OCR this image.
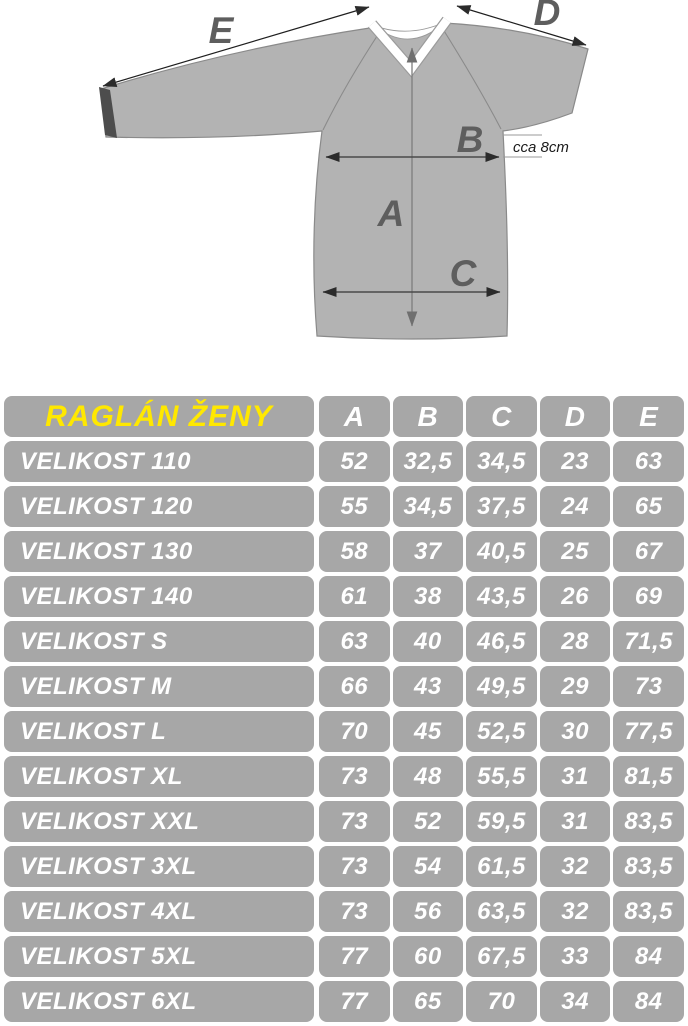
E	D
B
A
C
cca 8cm
RAGLÁN ŽENY	A	B	C	D	E
VELIKOST 110	52	32,5	34,5	23	63
VELIKOST 120	55	34,5	37,5	24	65
VELIKOST 130	58	37	40,5	25	67
VELIKOST 140	61	38	43,5	26	69
VELIKOST S	63	40	46,5	28	71,5
VELIKOST M	66	43	49,5	29	73
VELIKOST L	70	45	52,5	30	77,5
VELIKOST XL	73	48	55,5	31	81,5
VELIKOST XXL	73	52	59,5	31	83,5
VELIKOST 3XL	73	54	61,5	32	83,5
VELIKOST 4XL	73	56	63,5	32	83,5
VELIKOST 5XL	77	60	67,5	33	84
VELIKOST 6XL	77	65	70	34	84
